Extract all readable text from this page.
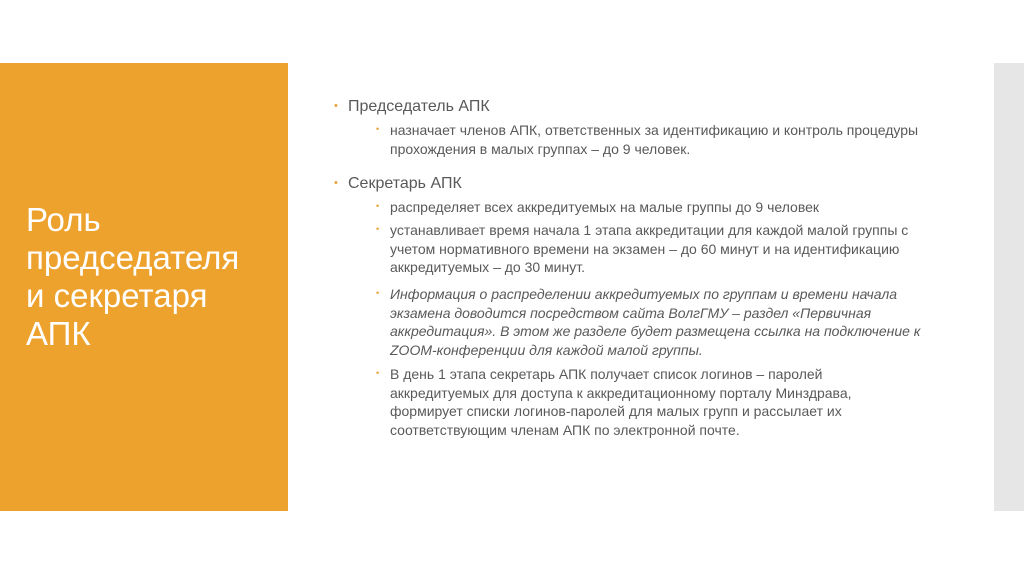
Роль
председателя
и секретаря
АПК
• Председатель АПК
• назначает членов АПК, ответственных за идентификацию и контроль процедуры прохождения в малых группах – до 9 человек.
• Секретарь АПК
• распределяет всех аккредитуемых на малые группы до 9 человек
• устанавливает время начала 1 этапа аккредитации для каждой малой группы с учетом нормативного времени на экзамен – до 60 минут и на идентификацию аккредитуемых – до 30 минут.
• Информация о распределении аккредитуемых по группам и времени начала экзамена доводится посредством сайта ВолгГМУ – раздел «Первичная аккредитация». В этом же разделе будет размещена ссылка на подключение к ZOOM-конференции для каждой малой группы.
• В день 1 этапа секретарь АПК получает список логинов – паролей аккредитуемых для доступа к аккредитационному порталу Минздрава, формирует списки логинов-паролей для малых групп и рассылает их соответствующим членам АПК по электронной почте.
